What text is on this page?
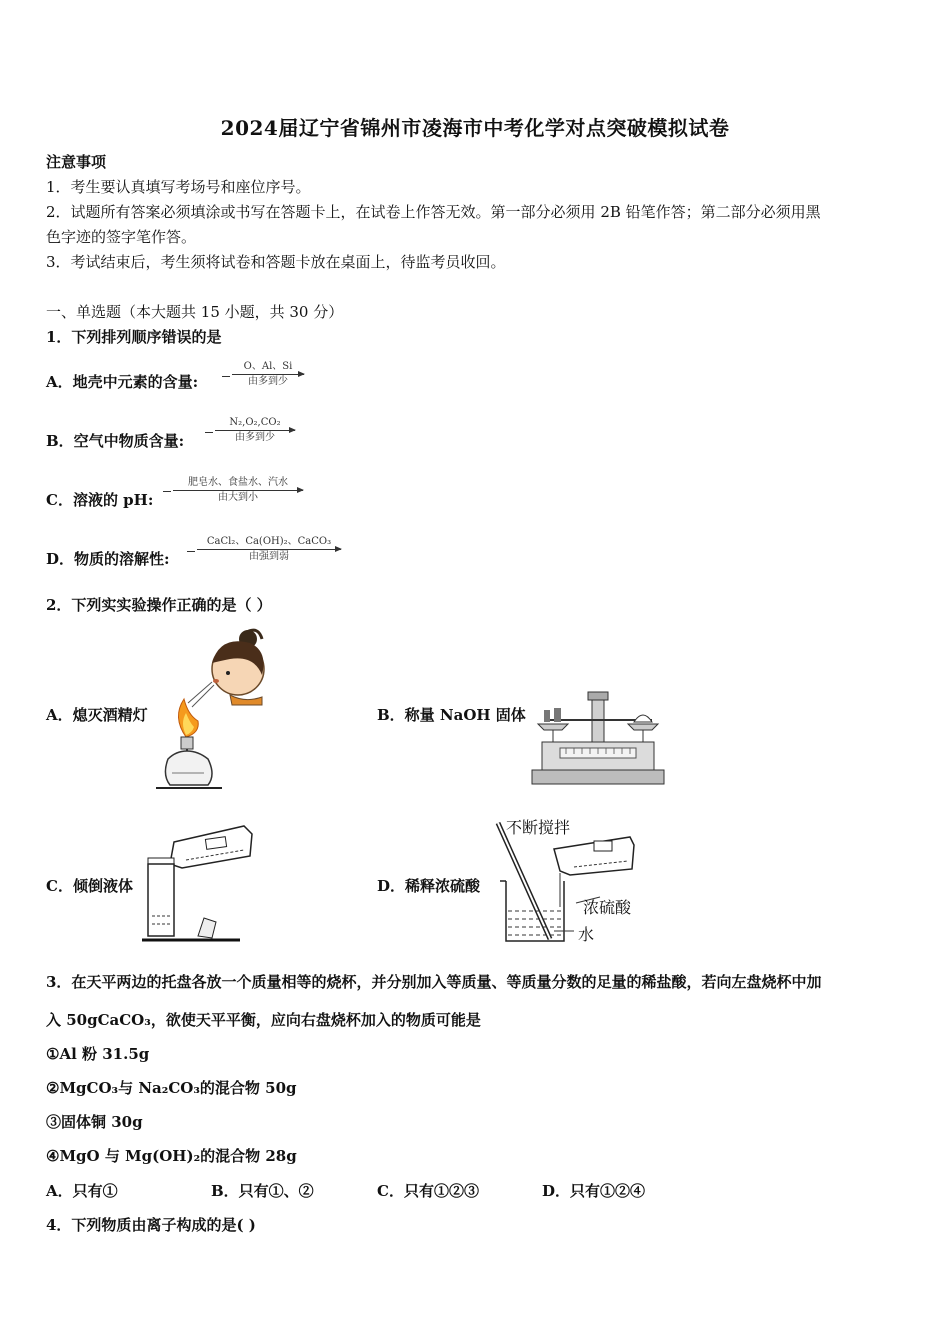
2024届辽宁省锦州市凌海市中考化学对点突破模拟试卷
注意事项
1．考生要认真填写考场号和座位序号。
2．试题所有答案必须填涂或书写在答题卡上，在试卷上作答无效。第一部分必须用 2B 铅笔作答；第二部分必须用黑
色字迹的签字笔作答。
3．考试结束后，考生须将试卷和答题卡放在桌面上，待监考员收回。
一、单选题（本大题共 15 小题，共 30 分）
1．下列排列顺序错误的是
A．地壳中元素的含量:
O、Al、Si
由多到少
B．空气中物质含量:
N₂,O₂,CO₂
由多到少
C．溶液的 pH:
肥皂水、食盐水、汽水
由大到小
D．物质的溶解性:
CaCl₂、Ca(OH)₂、CaCO₃
由强到弱
2．下列实实验操作正确的是（ ）
A．熄灭酒精灯	B．称量 NaOH 固体
C．倾倒液体	D．稀释浓硫酸
不断搅拌
浓硫酸
水
3．在天平两边的托盘各放一个质量相等的烧杯，并分别加入等质量、等质量分数的足量的稀盐酸，若向左盘烧杯中加
入 50gCaCO₃，欲使天平平衡，应向右盘烧杯加入的物质可能是
①Al 粉 31.5g
②MgCO₃与 Na₂CO₃的混合物 50g
③固体铜 30g
④MgO 与 Mg(OH)₂的混合物 28g
A．只有①	B．只有①、②	C．只有①②③	D．只有①②④
4．下列物质由离子构成的是( )
